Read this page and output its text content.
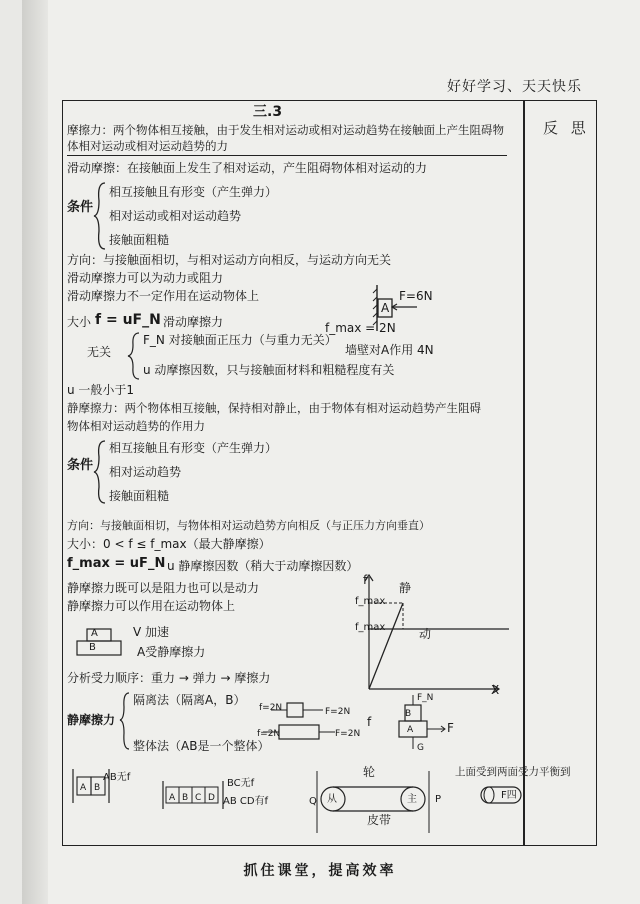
好好学习、天天快乐
反 思
三.3
摩擦力：两个物体相互接触，由于发生相对运动或相对运动趋势在接触面上产生阻碍物
体相对运动或相对运动趋势的力
滑动摩擦：在接触面上发生了相对运动，产生阻碍物体相对运动的力
条件
相互接触且有形变（产生弹力）
相对运动或相对运动趋势
接触面粗糙
方向：与接触面相切，与相对运动方向相反，与运动方向无关
滑动摩擦力可以为动力或阻力
滑动摩擦力不一定作用在运动物体上
大小 f = uF_N 滑动摩擦力
无关
F_N 对接触面正压力（与重力无关）
u 动摩擦因数，只与接触面材料和粗糙程度有关
A
F=6N
f_max = 2N
墙壁对A作用 4N
u 一般小于1
静摩擦力：两个物体相互接触，保持相对静止，由于物体有相对运动趋势产生阻碍
物体相对运动趋势的作用力
条件
相互接触且有形变（产生弹力）
相对运动趋势
接触面粗糙
方向：与接触面相切，与物体相对运动趋势方向相反（与正压力方向垂直）
大小：0 < f ≤ f_max（最大静摩擦）
f_max = uF_N u 静摩擦因数（稍大于动摩擦因数）
静摩擦力既可以是阻力也可以是动力
静摩擦力可以作用在运动物体上	f_max
f_max
静
动
f
X
A
B
V 加速
A受静摩擦力
分析受力顺序：重力 → 弹力 → 摩擦力
静摩擦力
隔离法（隔离A，B）
整体法（AB是一个整体）
f=2N	F=2N
f=2N	F=2N
B
A	F
F_N
G
f
A B
AB无f
A B C D
BC无f
AB CD有f
轮
皮带
从	主
Q	P
上面受到两面受力平衡到
F四
抓住课堂，提高效率
